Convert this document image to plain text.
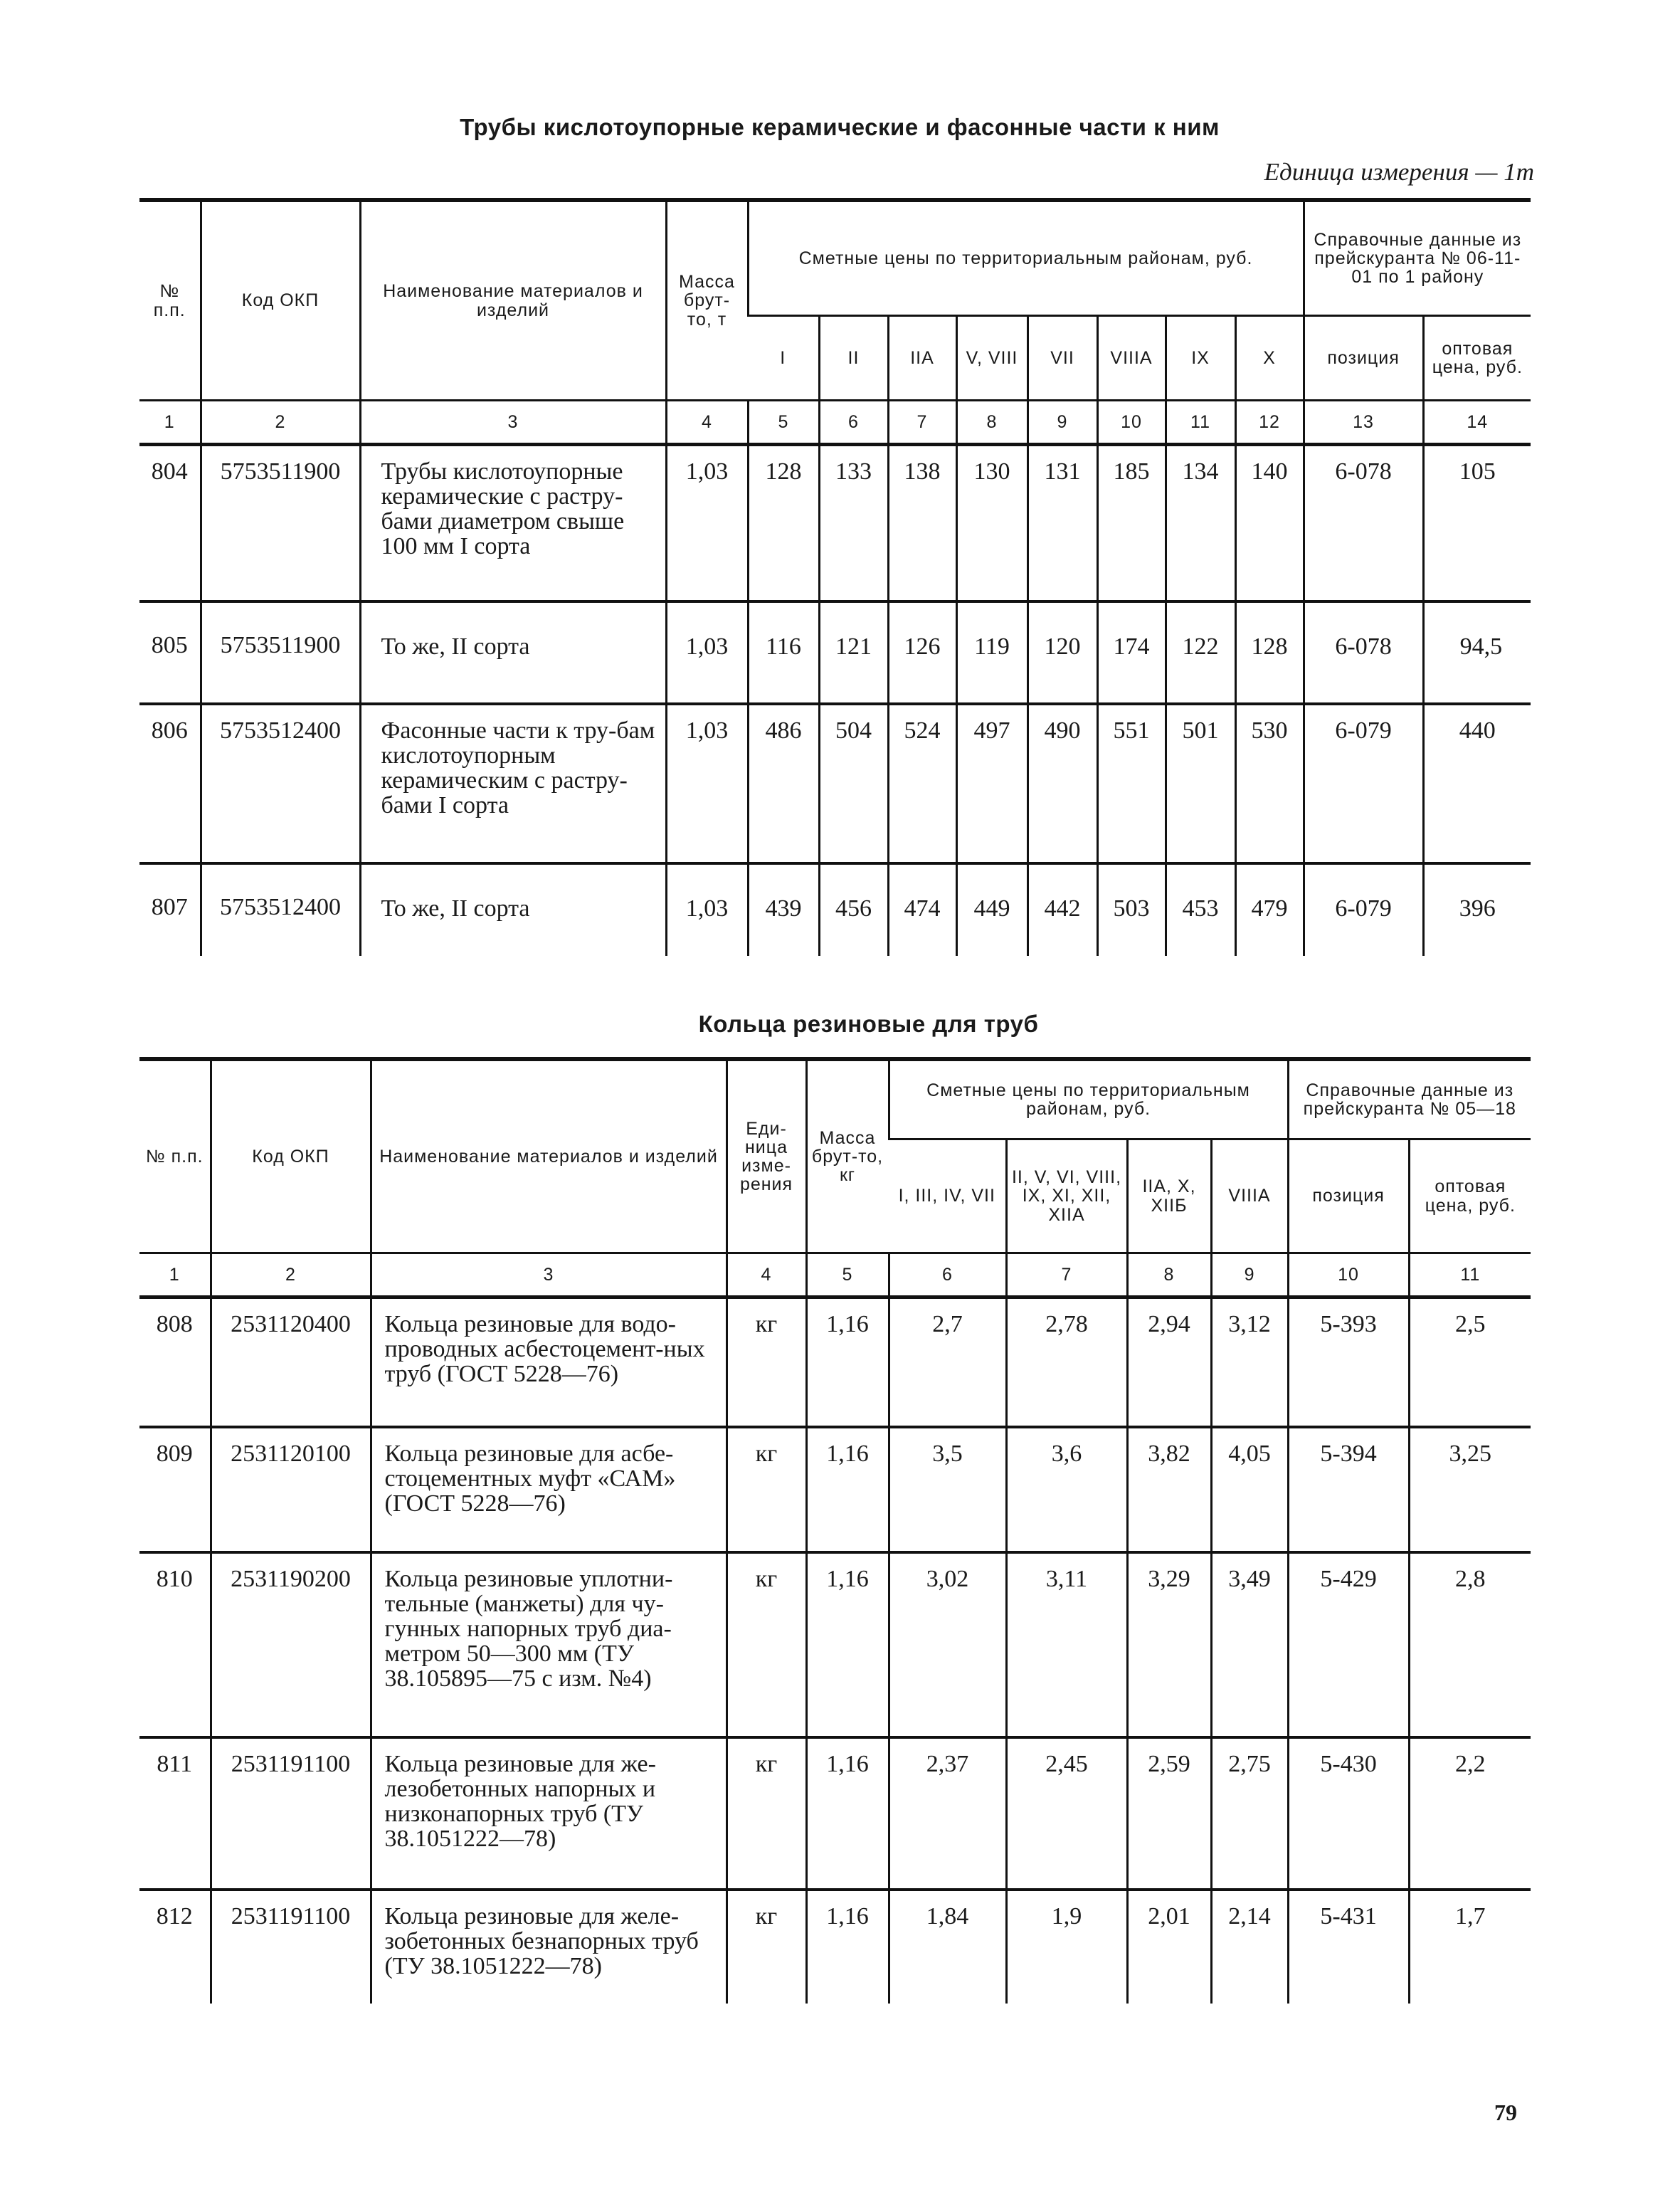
Трубы кислотоупорные керамические и фасонные части к ним
Единица измерения — 1т
№ п.п.	Код ОКП	Наименование материалов и изделий	Масса брут-то, т	Сметные цены по территориальным районам, руб.								Справочные данные из прейскуранта № 06-11-01 по 1 району	
				I	II	IIA	V, VIII	VII	VIIIA	IX	X	позиция	оптовая цена, руб.
1	2	3	4	5	6	7	8	9	10	11	12	13	14
804	5753511900	Трубы кислотоупорные керамические с растру-бами диаметром свыше 100 мм I сорта	1,03	128	133	138	130	131	185	134	140	6-078	105
805	5753511900	То же, II сорта	1,03	116	121	126	119	120	174	122	128	6-078	94,5
806	5753512400	Фасонные части к тру-бам кислотоупорным керамическим с растру-бами I сорта	1,03	486	504	524	497	490	551	501	530	6-079	440
807	5753512400	То же, II сорта	1,03	439	456	474	449	442	503	453	479	6-079	396
Кольца резиновые для труб
№ п.п.	Код ОКП	Наименование материалов и изделий	Еди-ница изме-рения	Масса брут-то, кг	Сметные цены по территориальным районам, руб.				Справочные данные из прейскуранта № 05—18	
					I, III, IV, VII	II, V, VI, VIII, IX, XI, XII, XIIA	IIA, X, XIIБ	VIIIA	позиция	оптовая цена, руб.
1	2	3	4	5	6	7	8	9	10	11
808	2531120400	Кольца резиновые для водо-проводных асбестоцемент-ных труб (ГОСТ 5228—76)	кг	1,16	2,7	2,78	2,94	3,12	5-393	2,5
809	2531120100	Кольца резиновые для асбе-стоцементных муфт «САМ» (ГОСТ 5228—76)	кг	1,16	3,5	3,6	3,82	4,05	5-394	3,25
810	2531190200	Кольца резиновые уплотни-тельные (манжеты) для чу-гунных напорных труб диа-метром 50—300 мм (ТУ 38.105895—75 с изм. №4)	кг	1,16	3,02	3,11	3,29	3,49	5-429	2,8
811	2531191100	Кольца резиновые для же-лезобетонных напорных и низконапорных труб (ТУ 38.1051222—78)	кг	1,16	2,37	2,45	2,59	2,75	5-430	2,2
812	2531191100	Кольца резиновые для желе-зобетонных безнапорных труб (ТУ 38.1051222—78)	кг	1,16	1,84	1,9	2,01	2,14	5-431	1,7
79
